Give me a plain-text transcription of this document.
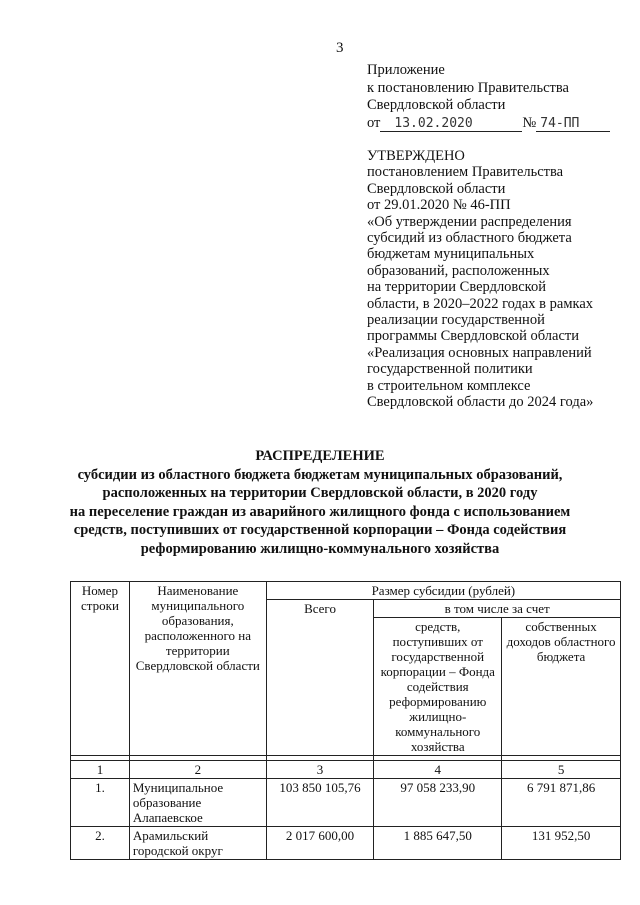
3
Приложение
к постановлению Правительства
Свердловской области
от 13.02.2020	№ 74-ПП
УТВЕРЖДЕНО
постановлением Правительства
Свердловской области
от 29.01.2020 № 46-ПП
«Об утверждении распределения
субсидий из областного бюджета
бюджетам муниципальных
образований, расположенных
на территории Свердловской
области, в 2020–2022 годах в рамках
реализации государственной
программы Свердловской области
«Реализация основных направлений
государственной политики
в строительном комплексе
Свердловской области до 2024 года»
РАСПРЕДЕЛЕНИЕ
субсидии из областного бюджета бюджетам муниципальных образований,
расположенных на территории Свердловской области, в 2020 году
на переселение граждан из аварийного жилищного фонда с использованием
средств, поступивших от государственной корпорации – Фонда содействия
реформированию жилищно-коммунального хозяйства
Номер строки	Наименование муниципального образования, расположенного на территории Свердловской области	Размер субсидии (рублей)		
		Всего	в том числе за счет	
			средств, поступивших от государственной корпорации – Фонда содействия реформированию жилищно-коммунального хозяйства	собственных доходов областного бюджета

1	2	3	4	5
1.	Муниципальное образование Алапаевское	103 850 105,76	97 058 233,90	6 791 871,86
2.	Арамильский городской округ	2 017 600,00	1 885 647,50	131 952,50
